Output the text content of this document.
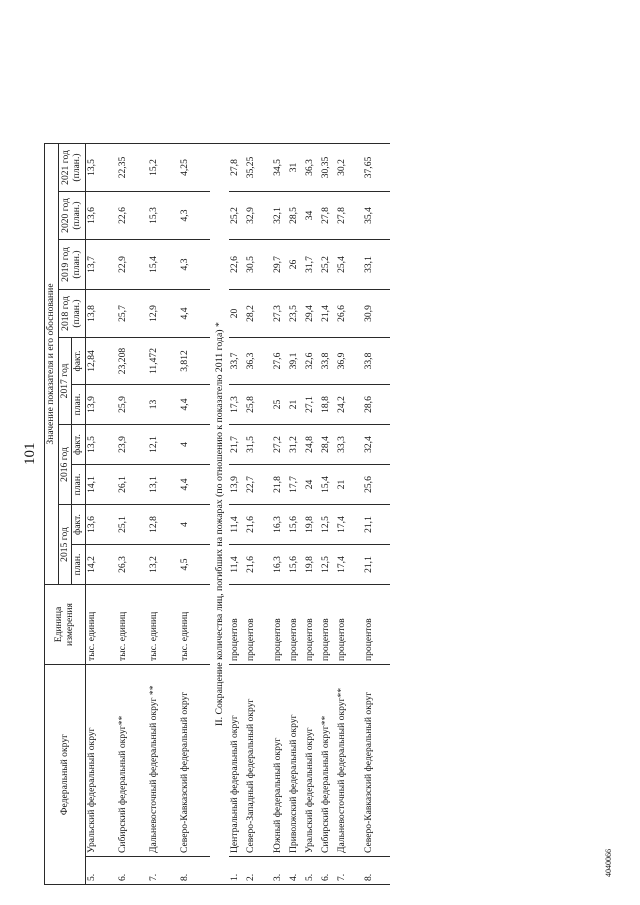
101
Федеральный округ		Единица измерения	Значение показателя и его обоснование									
			2015 год		2016 год		2017 год		2018 год (план.)	2019 год (план.)	2020 год (план.)	2021 год (план.)
			план.	факт.	план.	факт.	план.	факт.				
5.	Уральский федеральный округ	тыс. единиц	14,2	13,6	14,1	13,5	13,9	12,84	13,8	13,7	13,6	13,5
6.	Сибирский федеральный округ**	тыс. единиц	26,3	25,1	26,1	23,9	25,9	23,208	25,7	22,9	22,6	22,35
7.	Дальневосточный федеральный округ **	тыс. единиц	13,2	12,8	13,1	12,1	13	11,472	12,9	15,4	15,3	15,2
8.	Северо-Кавказский федеральный округ	тыс. единиц	4,5	4	4,4	4	4,4	3,812	4,4	4,3	4,3	4,25
	II. Сокращение количества лиц, погибших на пожарах (по отношению к показателю 2011 года) *											
1.	Центральный федеральный округ	процентов	11,4	11,4	13,9	21,7	17,3	33,7	20	22,6	25,2	27,8
2.	Северо-Западный федеральный округ	процентов	21,6	21,6	22,7	31,5	25,8	36,3	28,2	30,5	32,9	35,25
3.	Южный федеральный округ	процентов	16,3	16,3	21,8	27,2	25	27,6	27,3	29,7	32,1	34,5
4.	Приволжский федеральный округ	процентов	15,6	15,6	17,7	31,2	21	39,1	23,5	26	28,5	31
5.	Уральский федеральный округ	процентов	19,8	19,8	24	24,8	27,1	32,6	29,4	31,7	34	36,3
6.	Сибирский федеральный округ**	процентов	12,5	12,5	15,4	28,4	18,8	33,8	21,4	25,2	27,8	30,35
7.	Дальневосточный федеральный округ**	процентов	17,4	17,4	21	33,3	24,2	36,9	26,6	25,4	27,8	30,2
8.	Северо-Кавказский федеральный округ	процентов	21,1	21,1	25,6	32,4	28,6	33,8	30,9	33,1	35,4	37,65
4040066
